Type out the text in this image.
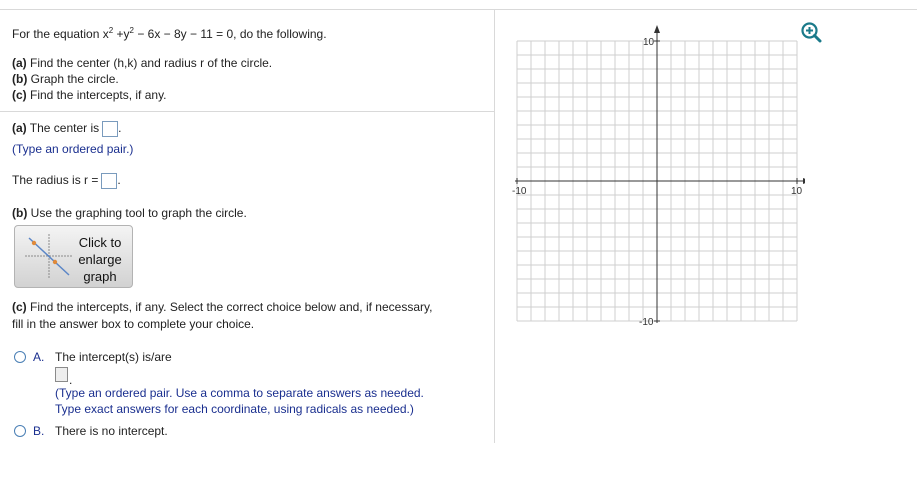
For the equation $x^2 +y^2 - 6x - 8y - 11 = 0$, do the following.
(a) Find the center (h,k) and radius r of the circle.
(b) Graph the circle.
(c) Find the intercepts, if any.
(a) The center is .
(Type an ordered pair.)
The radius is r = .
(b) Use the graphing tool to graph the circle.
Click to enlarge graph
(c) Find the intercepts, if any. Select the correct choice below and, if necessary,
fill in the answer box to complete your choice.
A. The intercept(s) is/are
.
(Type an ordered pair. Use a comma to separate answers as needed.
Type exact answers for each coordinate, using radicals as needed.)
B. There is no intercept.
-10	10
10
-10
